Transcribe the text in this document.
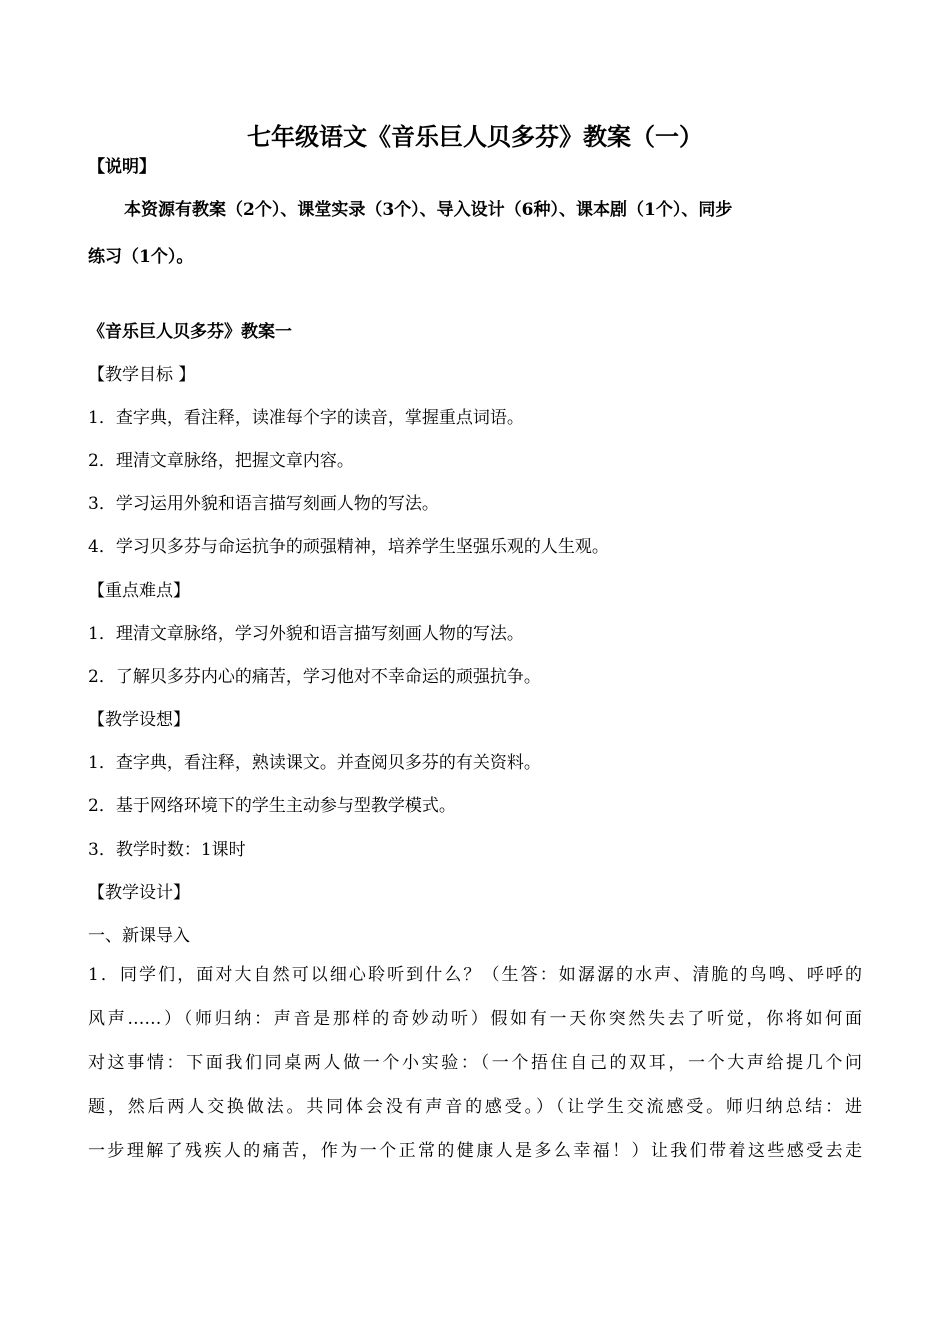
七年级语文《音乐巨人贝多芬》教案（一）
【说明】
本资源有教案（2个）、课堂实录（3个）、导入设计（6种）、课本剧（1个）、同步
练习（1个）。
《音乐巨人贝多芬》教案一
【教学目标 】
1．查字典，看注释，读准每个字的读音，掌握重点词语。
2．理清文章脉络，把握文章内容。
3．学习运用外貌和语言描写刻画人物的写法。
4．学习贝多芬与命运抗争的顽强精神，培养学生坚强乐观的人生观。
【重点难点】
1．理清文章脉络，学习外貌和语言描写刻画人物的写法。
2．了解贝多芬内心的痛苦，学习他对不幸命运的顽强抗争。
【教学设想】
1．查字典，看注释，熟读课文。并查阅贝多芬的有关资料。
2．基于网络环境下的学生主动参与型教学模式。
3．教学时数：1课时
【教学设计】
一、新课导入
1．同学们，面对大自然可以细心聆听到什么？（生答：如潺潺的水声、清脆的鸟鸣、呼呼的
风声……）（师归纳：声音是那样的奇妙动听）假如有一天你突然失去了听觉，你将如何面
对这事情：下面我们同桌两人做一个小实验：（一个捂住自己的双耳，一个大声给提几个问
题，然后两人交换做法。共同体会没有声音的感受。）（让学生交流感受。师归纳总结：进
一步理解了残疾人的痛苦，作为一个正常的健康人是多么幸福！）让我们带着这些感受去走
